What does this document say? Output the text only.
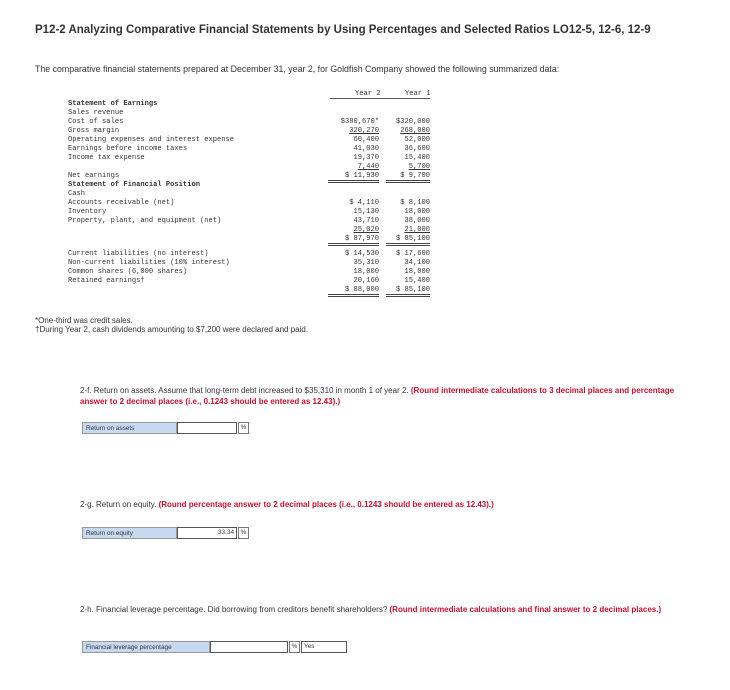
P12-2 Analyzing Comparative Financial Statements by Using Percentages and Selected Ratios LO12-5, 12-6, 12-9
The comparative financial statements prepared at December 31, year 2, for Goldfish Company showed the following summarized data:
Year 2	Year 1
Statement of Earnings
Sales revenue
Cost of sales	$380,670*	$320,000
Gross margin	320,270	268,000
Operating expenses and interest expense	60,400	52,000
Earnings before income taxes	41,030	36,600
Income tax expense	19,370	15,400
7,440	5,700
Net earnings	$ 11,930	$ 9,700
Statement of Financial Position
Cash
Accounts receivable (net)	$ 4,110	$ 8,100
Inventory	15,130	18,000
Property, plant, and equipment (net)	43,710	38,000
25,020	21,000
$ 87,970	$ 85,100
Current liabilities (no interest)	$ 14,530	$ 17,600
Non-current liabilities (10% interest)	35,310	34,100
Common shares (6,000 shares)	18,000	18,000
Retained earnings†	20,160	15,400
$ 88,000	$ 85,100
*One-third was credit sales.
†During Year 2, cash dividends amounting to $7,200 were declared and paid.
2-f. Return on assets. Assume that long-term debt increased to $35,310 in month 1 of year 2. (Round intermediate calculations to 3 decimal places and percentage answer to 2 decimal places (i.e., 0.1243 should be entered as 12.43).)
Return on assets	%
2-g. Return on equity. (Round percentage answer to 2 decimal places (i.e., 0.1243 should be entered as 12.43).)
Return on equity	33.34	%
2-h. Financial leverage percentage. Did borrowing from creditors benefit shareholders? (Round intermediate calculations and final answer to 2 decimal places.)
Financial leverage percentage	%	Yes
